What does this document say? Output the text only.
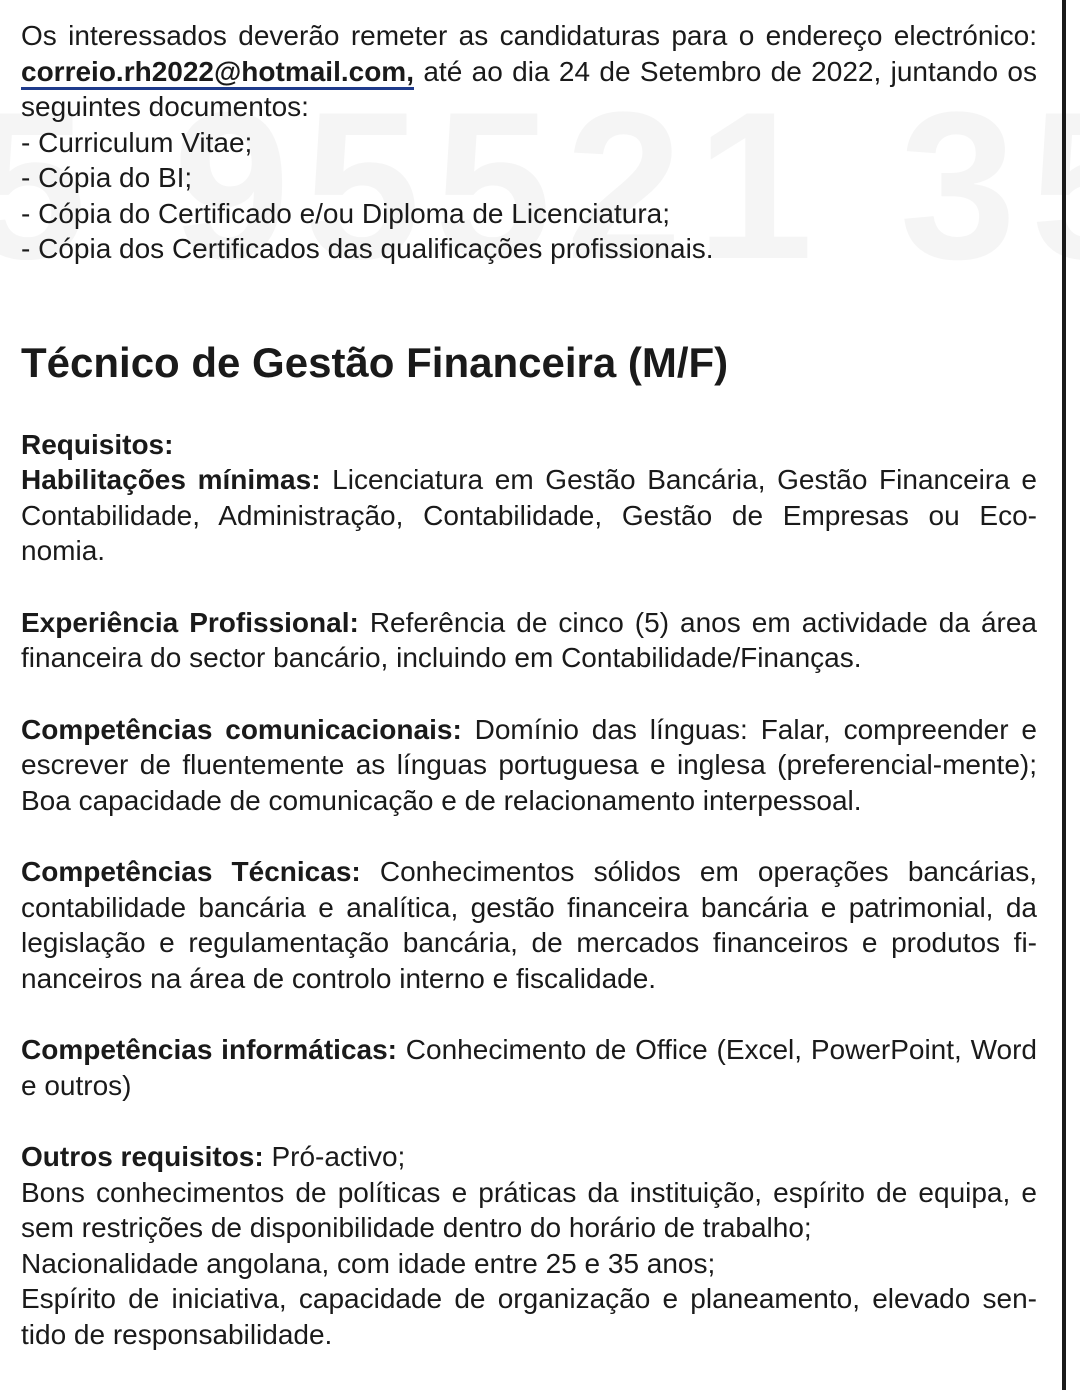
Os interessados deverão remeter as candidaturas para o endereço electrónico: correio.rh2022@hotmail.com, até ao dia 24 de Setembro de 2022, juntando os seguintes documentos:

- Curriculum Vitae;
- Cópia do BI;
- Cópia do Certificado e/ou Diploma de Licenciatura;
- Cópia dos Certificados das qualificações profissionais.
Técnico de Gestão Financeira (M/F)
Requisitos:

Habilitações mínimas: Licenciatura em Gestão Bancária, Gestão Financeira e Contabilidade, Administração, Contabilidade, Gestão de Empresas ou Eco-nomia.

Experiência Profissional: Referência de cinco (5) anos em actividade da área financeira do sector bancário, incluindo em Contabilidade/Finanças.

Competências comunicacionais: Domínio das línguas: Falar, compreender e escrever de fluentemente as línguas portuguesa e inglesa (preferencial-mente); Boa capacidade de comunicação e de relacionamento interpessoal.

Competências Técnicas: Conhecimentos sólidos em operações bancárias, contabilidade bancária e analítica, gestão financeira bancária e patrimonial, da legislação e regulamentação bancária, de mercados financeiros e produtos fi-nanceiros na área de controlo interno e fiscalidade.

Competências informáticas: Conhecimento de Office (Excel, PowerPoint, Word e outros)

Outros requisitos: Pró-activo;

Bons conhecimentos de políticas e práticas da instituição, espírito de equipa, e sem restrições de disponibilidade dentro do horário de trabalho;

Nacionalidade angolana, com idade entre 25 e 35 anos;

Espírito de iniciativa, capacidade de organização e planeamento, elevado sen-tido de responsabilidade.
